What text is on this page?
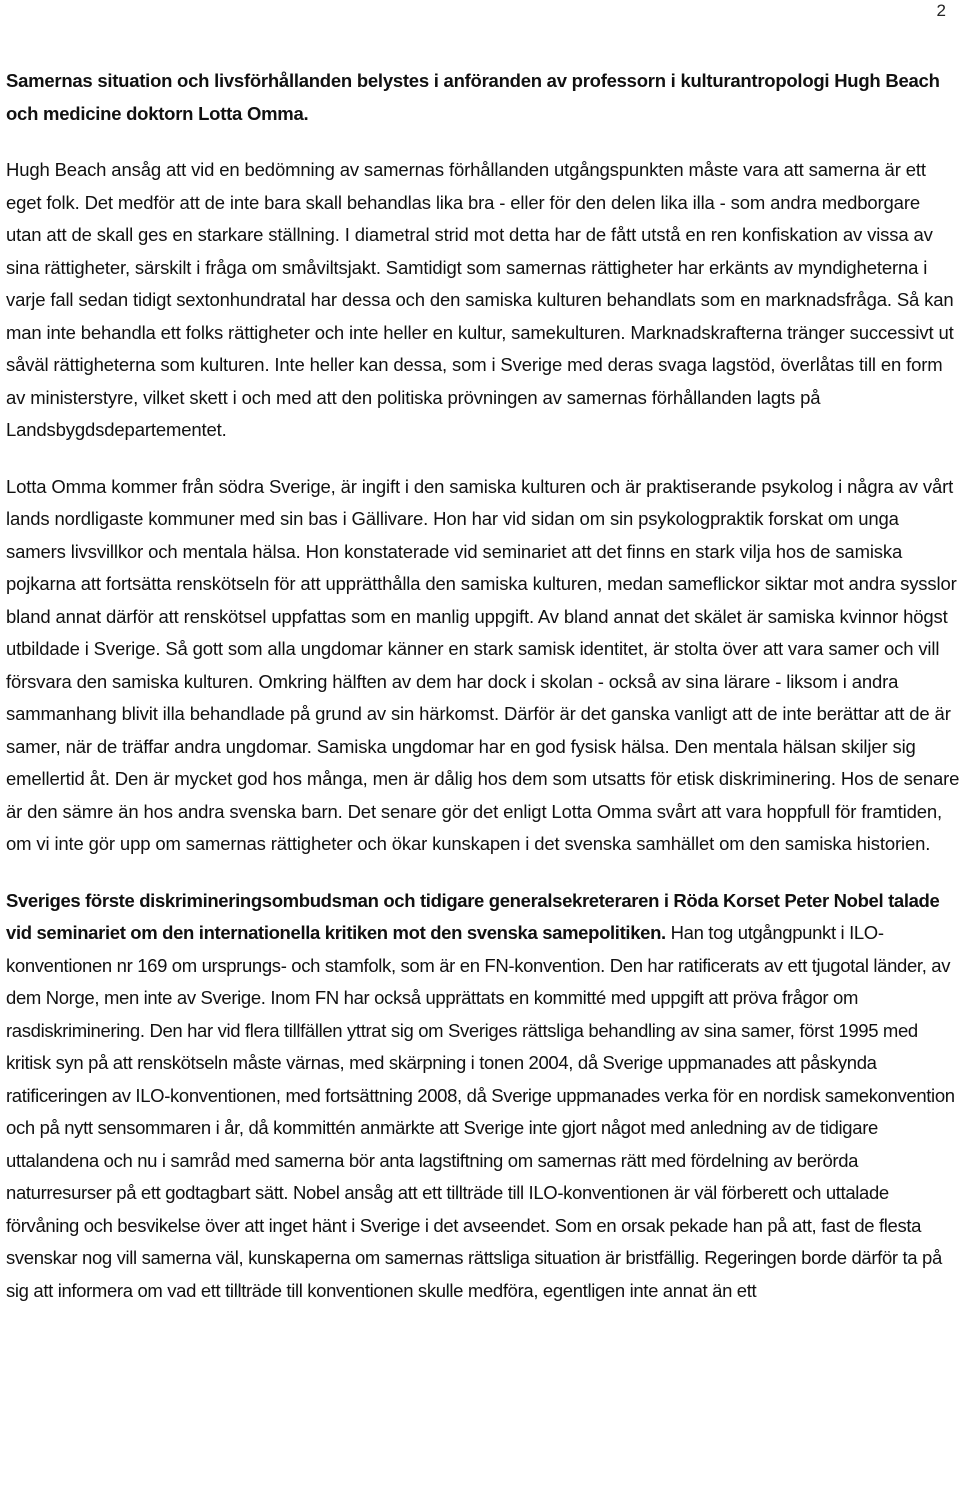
2

Samernas situation och livsförhållanden belystes i anföranden av professorn i kulturantropologi Hugh Beach och medicine doktorn Lotta Omma.

Hugh Beach ansåg att vid en bedömning av samernas förhållanden utgångspunkten måste vara att samerna är ett eget folk. Det medför att de inte bara skall behandlas lika bra - eller för den delen lika illa - som andra medborgare utan att de skall ges en starkare ställning. I diametral strid mot detta har de fått utstå en ren konfiskation av vissa av sina rättigheter, särskilt i fråga om småviltsjakt. Samtidigt som samernas rättigheter har erkänts av myndigheterna i varje fall sedan tidigt sextonhundratal har dessa och den samiska kulturen behandlats som en marknadsfråga. Så kan man inte behandla ett folks rättigheter och inte heller en kultur, samekulturen. Marknadskrafterna tränger successivt ut såväl rättigheterna som kulturen. Inte heller kan dessa, som i Sverige med deras svaga lagstöd, överlåtas till en form av ministerstyre, vilket skett i och med att den politiska prövningen av samernas förhållanden lagts på Landsbygdsdepartementet.

Lotta Omma kommer från södra Sverige, är ingift i den samiska kulturen och är praktiserande psykolog i några av vårt lands nordligaste kommuner med sin bas i Gällivare. Hon har vid sidan om sin psykologpraktik forskat om unga samers livsvillkor och mentala hälsa. Hon konstaterade vid seminariet att det finns en stark vilja hos de samiska pojkarna att fortsätta renskötseln för att upprätthålla den samiska kulturen, medan sameflickor siktar mot andra sysslor bland annat därför att renskötsel uppfattas som en manlig uppgift. Av bland annat det skälet är samiska kvinnor högst utbildade i Sverige. Så gott som alla ungdomar känner en stark samisk identitet, är stolta över att vara samer och vill försvara den samiska kulturen. Omkring hälften av dem har dock i skolan - också av sina lärare - liksom i andra sammanhang blivit illa behandlade på grund av sin härkomst. Därför är det ganska vanligt att de inte berättar att de är samer, när de träffar andra ungdomar. Samiska ungdomar har en god fysisk hälsa. Den mentala hälsan skiljer sig emellertid åt. Den är mycket god hos många, men är dålig hos dem som utsatts för etisk diskriminering. Hos de senare är den sämre än hos andra svenska barn. Det senare gör det enligt Lotta Omma svårt att vara hoppfull för framtiden, om vi inte gör upp om samernas rättigheter och ökar kunskapen i det svenska samhället om den samiska historien.

Sveriges förste diskrimineringsombudsman och tidigare generalsekreteraren i Röda Korset Peter Nobel talade vid seminariet om den internationella kritiken mot den svenska samepolitiken. Han tog utgångpunkt i ILO-konventionen nr 169 om ursprungs- och stamfolk, som är en FN-konvention. Den har ratificerats av ett tjugotal länder, av dem Norge, men inte av Sverige. Inom FN har också upprättats en kommitté med uppgift att pröva frågor om rasdiskriminering. Den har vid flera tillfällen yttrat sig om Sveriges rättsliga behandling av sina samer, först 1995 med kritisk syn på att renskötseln måste värnas, med skärpning i tonen 2004, då Sverige uppmanades att påskynda ratificeringen av ILO-konventionen, med fortsättning 2008, då Sverige uppmanades verka för en nordisk samekonvention och på nytt sensommaren i år, då kommittén anmärkte att Sverige inte gjort något med anledning av de tidigare uttalandena och nu i samråd med samerna bör anta lagstiftning om samernas rätt med fördelning av berörda naturresurser på ett godtagbart sätt. Nobel ansåg att ett tillträde till ILO-konventionen är väl förberett och uttalade förvåning och besvikelse över att inget hänt i Sverige i det avseendet. Som en orsak pekade han på att, fast de flesta svenskar nog vill samerna väl, kunskaperna om samernas rättsliga situation är bristfällig. Regeringen borde därför ta på sig att informera om vad ett tillträde till konventionen skulle medföra, egentligen inte annat än ett
